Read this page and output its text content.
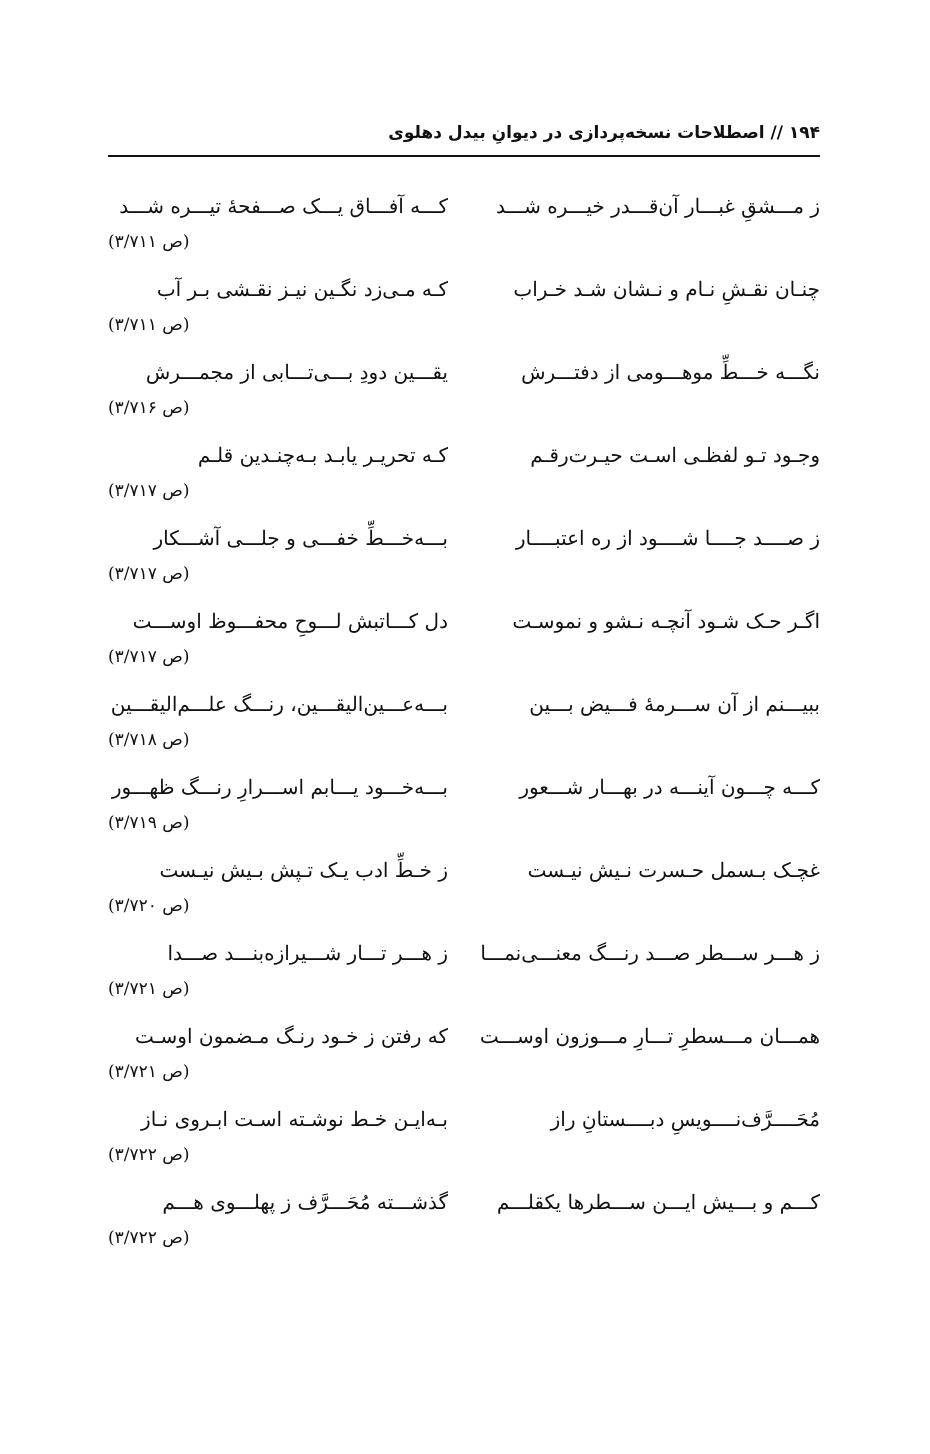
۱۹۴ // اصطلاحات نسخه‌پردازی در دیوانِ بیدل دهلوی
ز مـــشقِ غبـــار آن‌قـــدر خیـــره شـــد
کـــه آفـــاق یـــک صـــفحهٔ تیـــره شـــد
(ص ۳/۷۱۱)
چنـان نقـشِ نـام و نـشان شـد خـراب
کـه مـی‌زد نگـین نیـز نقـشی بـر آب
(ص ۳/۷۱۱)
نگـــه خـــطِّ موهـــومی از دفتـــرش
یقـــین دودِ بـــی‌تـــابی از مجمـــرش
(ص ۳/۷۱۶)
وجـود تـو لفظـی اسـت حیـرت‌رقـم
کـه تحریـر یابـد بـه‌چنـدین قلـم
(ص ۳/۷۱۷)
ز صــــد جــــا شــــود از ره اعتبــــار
بـــه‌خـــطِّ خفـــی و جلـــی آشـــکار
(ص ۳/۷۱۷)
اگـر حـک شـود آنچـه نـشو و نموسـت
دل کـــاتبش لـــوحِ محفـــوظ اوســـت
(ص ۳/۷۱۷)
ببیـــنم از آن ســـرمهٔ فـــیض بـــین
بـــه‌عـــین‌الیقـــین، رنـــگ علـــم‌الیقـــین
(ص ۳/۷۱۸)
کـــه چـــون آینـــه در بهـــار شـــعور
بـــه‌خـــود یـــابم اســـرارِ رنـــگ ظهـــور
(ص ۳/۷۱۹)
غچـک بـسمل حـسرت نـیش نیـست
ز خـطِّ ادب یـک تـپش بـیش نیـست
(ص ۳/۷۲۰)
ز هـــر ســـطر صـــد رنـــگ معنـــی‌نمـــا
ز هـــر تـــار شـــیرازه‌بنـــد صـــدا
(ص ۳/۷۲۱)
همـــان مـــسطرِ تـــارِ مـــوزون اوســـت
که رفتن ز خـود رنـگ مـضمون اوسـت
(ص ۳/۷۲۱)
مُحَــــرَّف‌نــــویسِ دبــــستانِ راز
بـه‌ایـن خـط نوشـته اسـت ابـروی نـاز
(ص ۳/۷۲۲)
کـــم و بـــیش ایـــن ســـطرها یکقلـــم
گذشـــته مُحَـــرَّف ز پهلـــوی هـــم
(ص ۳/۷۲۲)
